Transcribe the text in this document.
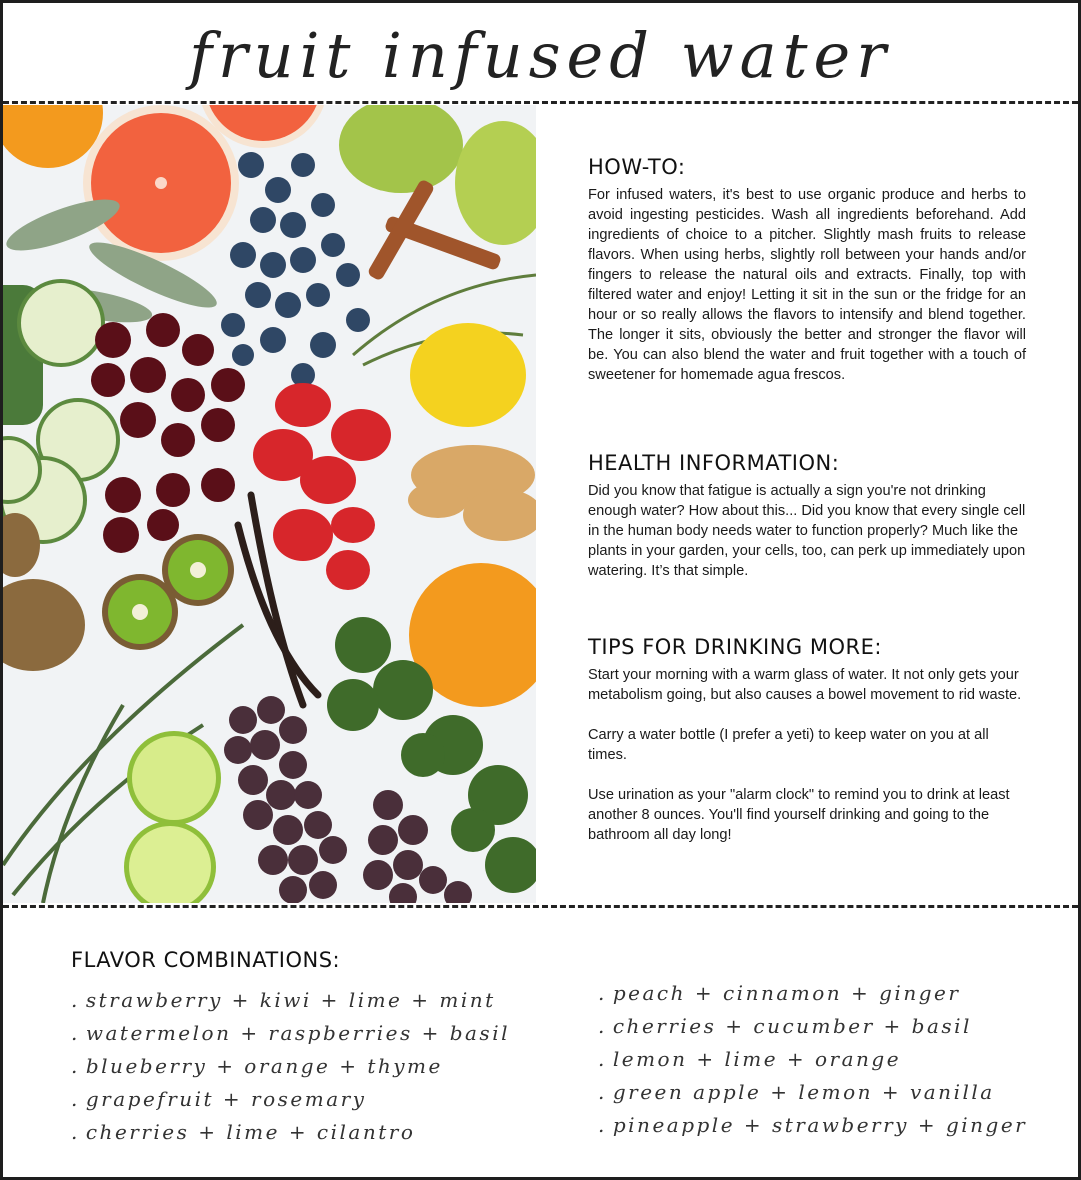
fruit infused water
HOW-TO:

For infused waters, it's best to use organic produce and herbs to avoid ingesting pesticides. Wash all ingredients beforehand. Add ingredients of choice to a pitcher. Slightly mash fruits to release flavors. When using herbs, slightly roll between your hands and/or fingers to release the natural oils and extracts. Finally, top with filtered water and enjoy! Letting it sit in the sun or the fridge for an hour or so really allows the flavors to intensify and blend together. The longer it sits, obviously the better and stronger the flavor will be. You can also blend the water and fruit together with a touch of sweetener for homemade agua frescos.

HEALTH INFORMATION:

Did you know that fatigue is actually a sign you're not drinking enough water? How about this... Did you know that every single cell in the human body needs water to function properly? Much like the plants in your garden, your cells, too, can perk up immediately upon watering. It’s that simple.

TIPS FOR DRINKING MORE:

Start your morning with a warm glass of water. It not only gets your metabolism going, but also causes a bowel movement to rid waste.

Carry a water bottle (I prefer a yeti) to keep water on you at all times.

Use urination as your "alarm clock" to remind you to drink at least another 8 ounces. You'll find yourself drinking and going to the bathroom all day long!

FLAVOR COMBINATIONS:
. strawberry + kiwi + lime + mint
. watermelon + raspberries + basil
. blueberry + orange + thyme
. grapefruit + rosemary
. cherries + lime + cilantro
. peach + cinnamon + ginger
. cherries + cucumber + basil
. lemon + lime + orange
. green apple + lemon + vanilla
. pineapple + strawberry + ginger
